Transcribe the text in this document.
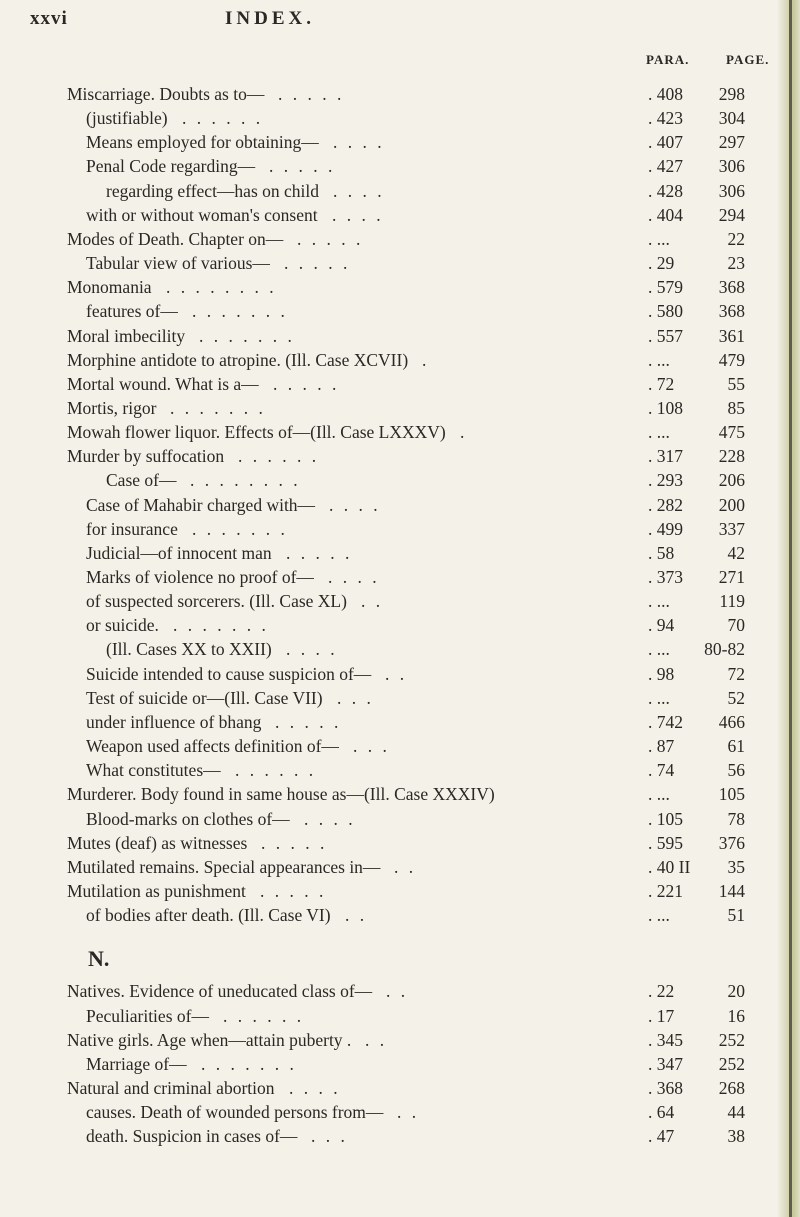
xxvi	INDEX.
PARA.	PAGE.
Miscarriage. Doubts as to— . . . . .	. 408 298
(justifiable) . . . . . .	. 423 304
Means employed for obtaining— . . . .	. 407 297
Penal Code regarding— . . . . .	. 427 306
regarding effect—has on child . . . .	. 428 306
with or without woman's consent . . . .	. 404 294
Modes of Death. Chapter on— . . . . .	. ...	22
Tabular view of various— . . . . .	. 29	23
Monomania . . . . . . . .	. 579 368
features of— . . . . . . .	. 580 368
Moral imbecility . . . . . . .	. 557 361
Morphine antidote to atropine. (Ill. Case XCVII) .	. ...	479
Mortal wound. What is a— . . . . .	. 72	55
Mortis, rigor . . . . . . .	. 108	85
Mowah flower liquor. Effects of—(Ill. Case LXXXV) .	. ...	475
Murder by suffocation . . . . . .	. 317 228
Case of— . . . . . . . .	. 293 206
Case of Mahabir charged with— . . . .	. 282 200
for insurance . . . . . . .	. 499 337
Judicial—of innocent man . . . . .	. 58	42
Marks of violence no proof of— . . . .	. 373 271
of suspected sorcerers. (Ill. Case XL) . .	. ...	119
or suicide. . . . . . . .	. 94	70
(Ill. Cases XX to XXII) . . . .	. ... 80-82
Suicide intended to cause suspicion of— . .	. 98	72
Test of suicide or—(Ill. Case VII) . . .	. ...	52
under influence of bhang . . . . .	. 742 466
Weapon used affects definition of— . . .	. 87	61
What constitutes— . . . . . .	. 74	56
Murderer. Body found in same house as—(Ill. Case XXXIV)	. ...	105
Blood-marks on clothes of— . . . .	. 105	78
Mutes (deaf) as witnesses . . . . .	. 595 376
Mutilated remains. Special appearances in— . .	. 40 II 35
Mutilation as punishment . . . . .	. 221 144
of bodies after death. (Ill. Case VI) . .	. ...	51
N.
Natives. Evidence of uneducated class of— . .	. 22	20
Peculiarities of— . . . . . .	. 17	16
Native girls. Age when—attain puberty . . .	. 345 252
Marriage of— . . . . . . .	. 347 252
Natural and criminal abortion . . . .	. 368 268
causes. Death of wounded persons from— . .	. 64	44
death. Suspicion in cases of— . . .	. 47	38
